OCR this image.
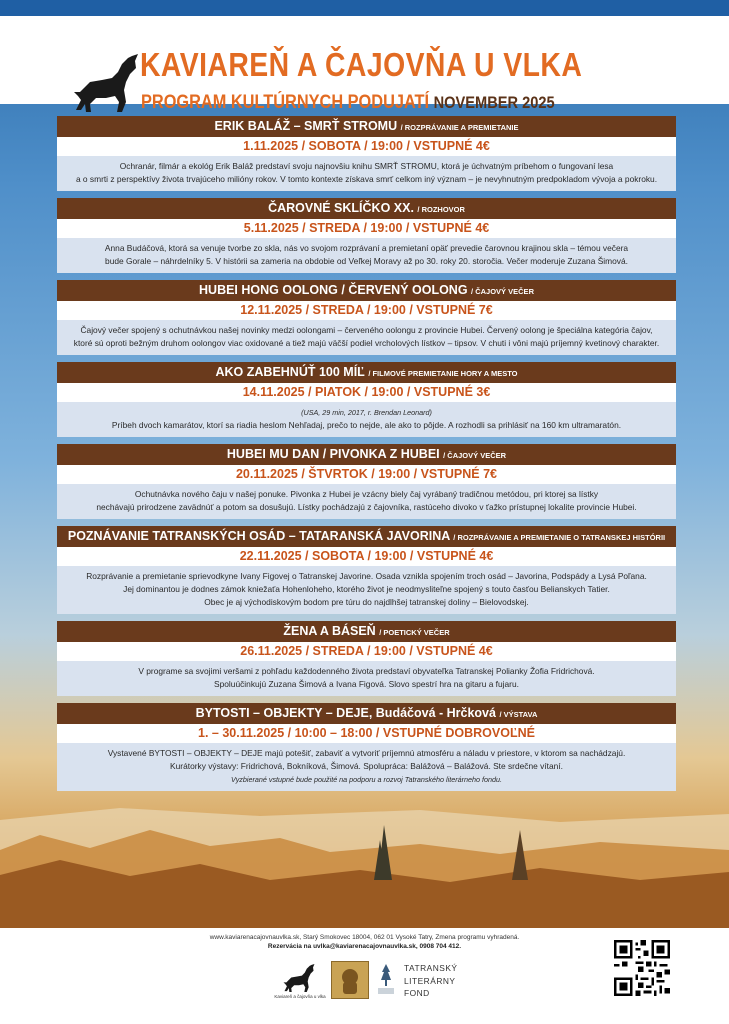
KAVIAREŇ A ČAJOVŇA U VLKA
PROGRAM KULTÚRNYCH PODUJATÍ NOVEMBER 2025
ERIK BALÁŽ – SMRŤ STROMU / ROZPRÁVANIE A PREMIETANIE
1.11.2025 / SOBOTA / 19:00 / VSTUPNÉ 4€
Ochranár, filmár a ekológ Erik Baláž predstaví svoju najnovšiu knihu SMRŤ STROMU, ktorá je úchvatným príbehom o fungovaní lesa
a o smrti z perspektívy života trvajúceho milióny rokov. V tomto kontexte získava smrť celkom iný význam – je nevyhnutným predpokladom vývoja a pokroku.
ČAROVNÉ SKLÍČKO XX. / ROZHOVOR
5.11.2025 / STREDA / 19:00 / VSTUPNÉ 4€
Anna Budáčová, ktorá sa venuje tvorbe zo skla, nás vo svojom rozprávaní a premietaní opäť prevedie čarovnou krajinou skla – témou večera
bude Gorale – náhrdelníky 5. V histórii sa zameria na obdobie od Veľkej Moravy až po 30. roky 20. storočia. Večer moderuje Zuzana Šimová.
HUBEI HONG OOLONG / ČERVENÝ OOLONG / ČAJOVÝ VEČER
12.11.2025 / STREDA / 19:00 / VSTUPNÉ 7€
Čajový večer spojený s ochutnávkou našej novinky medzi oolongami – červeného oolongu z provincie Hubei. Červený oolong je špeciálna kategória čajov,
ktoré sú oproti bežným druhom oolongov viac oxidované a tiež majú väčší podiel vrcholových lístkov – tipsov. V chuti i vôni majú príjemný kvetinový charakter.
AKO ZABEHNÚŤ 100 MÍĽ / FILMOVÉ PREMIETANIE HORY A MESTO
14.11.2025 / PIATOK / 19:00 / VSTUPNÉ 3€
(USA, 29 min, 2017, r. Brendan Leonard)
Príbeh dvoch kamarátov, ktorí sa riadia heslom Nehľadaj, prečo to nejde, ale ako to pôjde. A rozhodli sa prihlásiť na 160 km ultramaratón.
HUBEI MU DAN / PIVONKA Z HUBEI / ČAJOVÝ VEČER
20.11.2025 / ŠTVRTOK / 19:00 / VSTUPNÉ 7€
Ochutnávka nového čaju v našej ponuke. Pivonka z Hubei je vzácny biely čaj vyrábaný tradičnou metódou, pri ktorej sa lístky
nechávajú prirodzene zavädnúť a potom sa dosušujú. Lístky pochádzajú z čajovníka, rastúceho divoko v ťažko prístupnej lokalite provincie Hubei.
POZNÁVANIE TATRANSKÝCH OSÁD – TATARANSKÁ JAVORINA / ROZPRÁVANIE A PREMIETANIE O TATRANSKEJ HISTÓRII
22.11.2025 / SOBOTA / 19:00 / VSTUPNÉ 4€
Rozprávanie a premietanie sprievodkyne Ivany Figovej o Tatranskej Javorine. Osada vznikla spojením troch osád – Javorina, Podspády a Lysá Poľana.
Jej dominantou je dodnes zámok kniežaťa Hohenloheho, ktorého život je neodmysliteľne spojený s touto časťou Belianskych Tatier.
Obec je aj východiskovým bodom pre túru do najdlhšej tatranskej doliny – Bielovodskej.
ŽENA A BÁSEŇ / POETICKÝ VEČER
26.11.2025 / STREDA / 19:00 / VSTUPNÉ 4€
V programe sa svojimi veršami z pohľadu každodenného života predstaví obyvateľka Tatranskej Polianky Žofia Fridrichová.
Spoluúčinkujú Zuzana Šimová a Ivana Figová. Slovo spestrí hra na gitaru a fujaru.
BYTOSTI – OBJEKTY – DEJE, Budáčová - Hrčková / VÝSTAVA
1. – 30.11.2025 / 10:00 – 18:00 / VSTUPNÉ DOBROVOĽNÉ
Vystavené BYTOSTI – OBJEKTY – DEJE majú potešiť, zabaviť a vytvoriť príjemnú atmosféru a náladu v priestore, v ktorom sa nachádzajú.
Kurátorky výstavy: Fridrichová, Bokníková, Šimová. Spolupráca: Balážová – Balážová. Ste srdečne vítaní.
Vyzbierané vstupné bude použité na podporu a rozvoj Tatranského literárneho fondu.
www.kaviarenacajovnauvlka.sk, Starý Smokovec 18004, 062 01 Vysoké Tatry, Zmena programu vyhradená.
Rezervácia na uvlka@kaviarenacajovnauvlka.sk, 0908 704 412.
Kaviareň a čajovňa u vlka
TATRANSKÝ
LITERÁRNY
FOND
